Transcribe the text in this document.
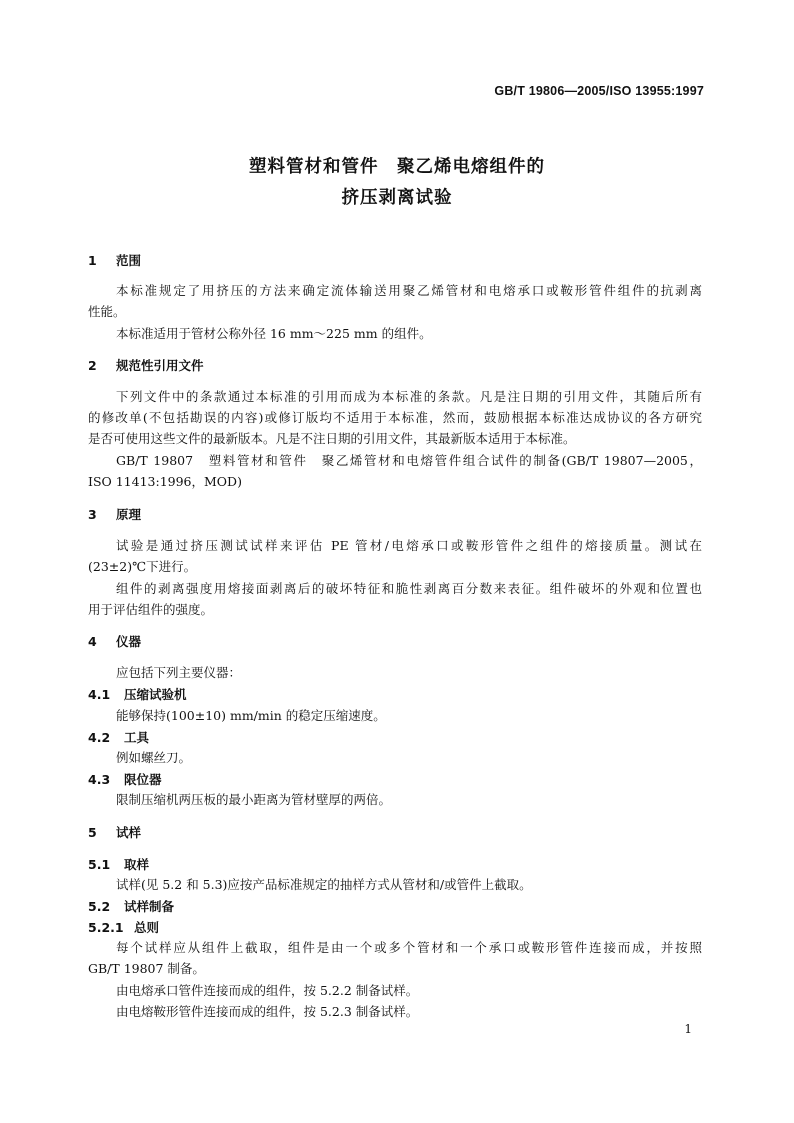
GB/T 19806—2005/ISO 13955:1997
塑料管材和管件　聚乙烯电熔组件的
挤压剥离试验
1 范围
本标准规定了用挤压的方法来确定流体输送用聚乙烯管材和电熔承口或鞍形管件组件的抗剥离
性能。
本标准适用于管材公称外径 16 mm～225 mm 的组件。
2 规范性引用文件
下列文件中的条款通过本标准的引用而成为本标准的条款。凡是注日期的引用文件，其随后所有
的修改单(不包括勘误的内容)或修订版均不适用于本标准，然而，鼓励根据本标准达成协议的各方研究
是否可使用这些文件的最新版本。凡是不注日期的引用文件，其最新版本适用于本标准。
GB/T 19807　塑料管材和管件　聚乙烯管材和电熔管件组合试件的制备(GB/T 19807—2005，
ISO 11413:1996，MOD)
3 原理
试验是通过挤压测试试样来评估 PE 管材/电熔承口或鞍形管件之组件的熔接质量。测试在
(23±2)℃下进行。
组件的剥离强度用熔接面剥离后的破坏特征和脆性剥离百分数来表征。组件破坏的外观和位置也
用于评估组件的强度。
4 仪器
应包括下列主要仪器：
4.1 压缩试验机
能够保持(100±10) mm/min 的稳定压缩速度。
4.2 工具
例如螺丝刀。
4.3 限位器
限制压缩机两压板的最小距离为管材壁厚的两倍。
5 试样
5.1 取样
试样(见 5.2 和 5.3)应按产品标准规定的抽样方式从管材和/或管件上截取。
5.2 试样制备
5.2.1 总则
每个试样应从组件上截取，组件是由一个或多个管材和一个承口或鞍形管件连接而成，并按照
GB/T 19807 制备。
由电熔承口管件连接而成的组件，按 5.2.2 制备试样。
由电熔鞍形管件连接而成的组件，按 5.2.3 制备试样。
1
